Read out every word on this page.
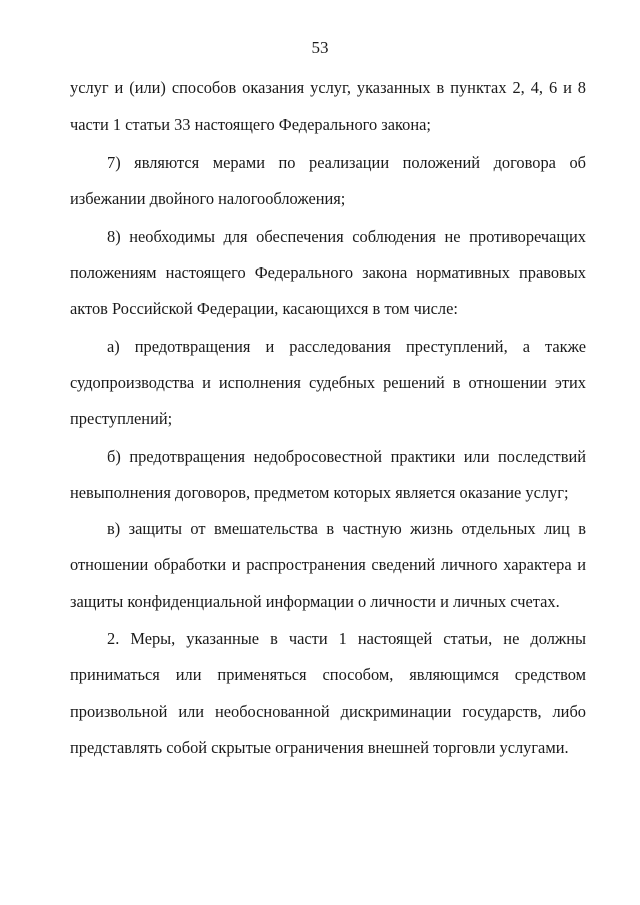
53
услуг и (или) способов оказания услуг, указанных в пунктах 2, 4, 6 и 8
части 1 статьи 33 настоящего Федерального закона;
7) являются мерами по реализации положений договора об
избежании двойного налогообложения;
8) необходимы для обеспечения соблюдения не противоречащих
положениям настоящего Федерального закона нормативных правовых
актов Российской Федерации, касающихся в том числе:
а) предотвращения и расследования преступлений, а также
судопроизводства и исполнения судебных решений в отношении этих
преступлений;
б) предотвращения недобросовестной практики или последствий
невыполнения договоров, предметом которых является оказание услуг;
в) защиты от вмешательства в частную жизнь отдельных лиц в
отношении обработки и распространения сведений личного характера и
защиты конфиденциальной информации о личности и личных счетах.
2. Меры, указанные в части 1 настоящей статьи, не должны
приниматься или применяться способом, являющимся средством
произвольной или необоснованной дискриминации государств, либо
представлять собой скрытые ограничения внешней торговли услугами.
